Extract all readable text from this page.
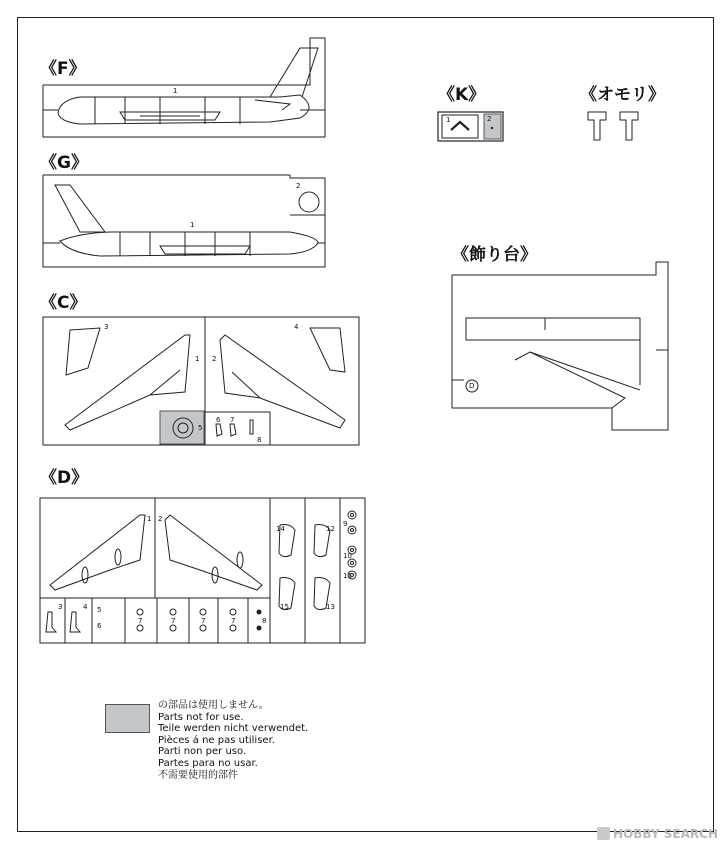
《F》
1
《G》
2
1
《C》
1 2
3	4
5
6 7
8
《D》
1 2
3	4 5
6
7	7	7	7	8
9
10
11
12
13
14
15
《K》
1	2
《オモリ》
《飾り台》
D
の部品は使用しません。
Parts not for use.
Teile werden nicht verwendet.
Pièces á ne pas utiliser.
Parti non per uso.
Partes para no usar.
不需要使用的部件
HOBBY SEARCH
